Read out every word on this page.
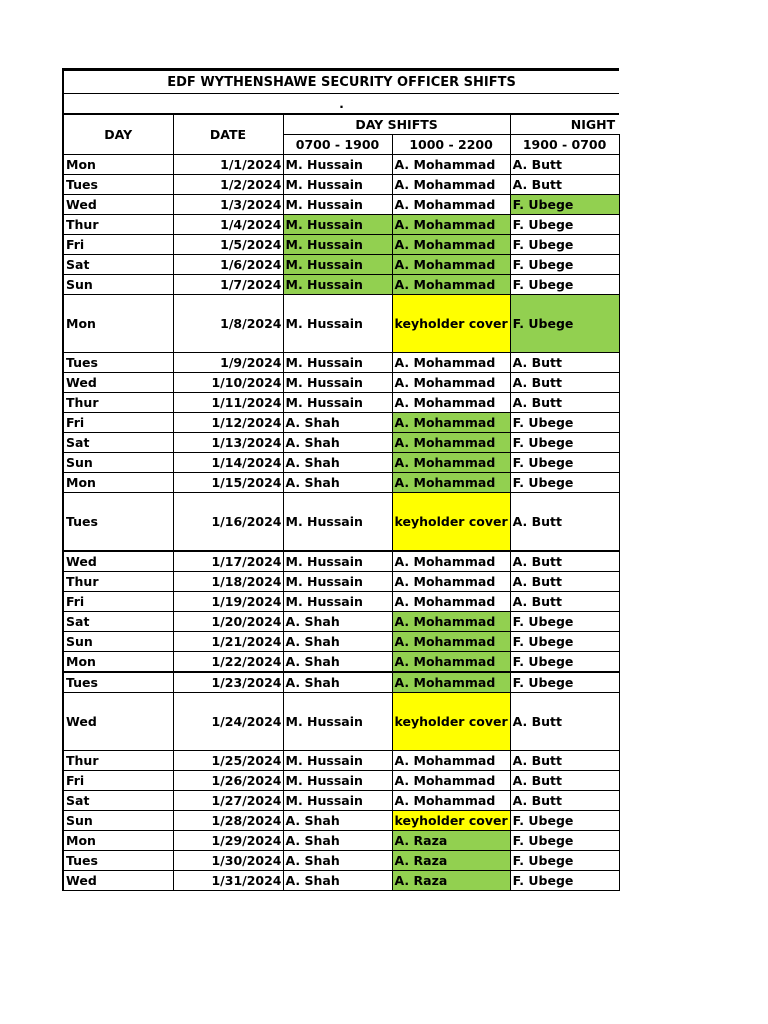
EDF WYTHENSHAWE SECURITY OFFICER SHIFTS				
.				
DAY	DATE	DAY SHIFTS		NIGHT
		0700 - 1900	1000 - 2200	1900 - 0700
Mon	1/1/2024	M. Hussain	A. Mohammad	A. Butt
Tues	1/2/2024	M. Hussain	A. Mohammad	A. Butt
Wed	1/3/2024	M. Hussain	A. Mohammad	F. Ubege
Thur	1/4/2024	M. Hussain	A. Mohammad	F. Ubege
Fri	1/5/2024	M. Hussain	A. Mohammad	F. Ubege
Sat	1/6/2024	M. Hussain	A. Mohammad	F. Ubege
Sun	1/7/2024	M. Hussain	A. Mohammad	F. Ubege
Mon	1/8/2024	M. Hussain	keyholder cover	F. Ubege
Tues	1/9/2024	M. Hussain	A. Mohammad	A. Butt
Wed	1/10/2024	M. Hussain	A. Mohammad	A. Butt
Thur	1/11/2024	M. Hussain	A. Mohammad	A. Butt
Fri	1/12/2024	A. Shah	A. Mohammad	F. Ubege
Sat	1/13/2024	A. Shah	A. Mohammad	F. Ubege
Sun	1/14/2024	A. Shah	A. Mohammad	F. Ubege
Mon	1/15/2024	A. Shah	A. Mohammad	F. Ubege
Tues	1/16/2024	M. Hussain	keyholder cover	A. Butt
Wed	1/17/2024	M. Hussain	A. Mohammad	A. Butt
Thur	1/18/2024	M. Hussain	A. Mohammad	A. Butt
Fri	1/19/2024	M. Hussain	A. Mohammad	A. Butt
Sat	1/20/2024	A. Shah	A. Mohammad	F. Ubege
Sun	1/21/2024	A. Shah	A. Mohammad	F. Ubege
Mon	1/22/2024	A. Shah	A. Mohammad	F. Ubege
Tues	1/23/2024	A. Shah	A. Mohammad	F. Ubege
Wed	1/24/2024	M. Hussain	keyholder cover	A. Butt
Thur	1/25/2024	M. Hussain	A. Mohammad	A. Butt
Fri	1/26/2024	M. Hussain	A. Mohammad	A. Butt
Sat	1/27/2024	M. Hussain	A. Mohammad	A. Butt
Sun	1/28/2024	A. Shah	keyholder cover	F. Ubege
Mon	1/29/2024	A. Shah	A. Raza	F. Ubege
Tues	1/30/2024	A. Shah	A. Raza	F. Ubege
Wed	1/31/2024	A. Shah	A. Raza	F. Ubege
